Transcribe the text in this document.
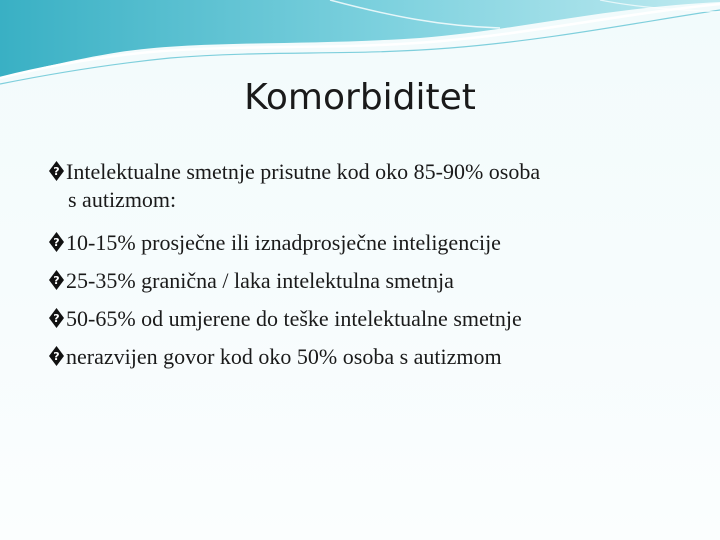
Komorbiditet
? Intelektualne smetnje prisutne kod oko 85-90% osoba
s autizmom:
? 10-15% prosječne ili iznadprosječne inteligencije
? 25-35% granična / laka intelektulna smetnja
? 50-65% od umjerene do teške intelektualne smetnje
? nerazvijen govor kod oko 50% osoba s autizmom
